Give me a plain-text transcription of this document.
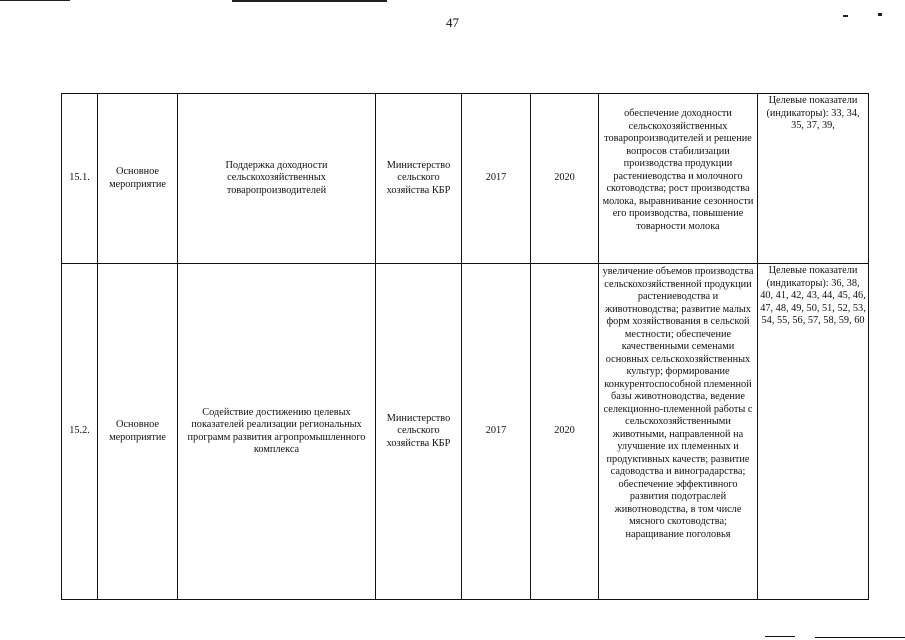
47
15.1.	Основное мероприятие	Поддержка доходности сельскохозяйственных товаропроизводителей	Министерство сельского хозяйства КБР	2017	2020	обеспечение доходности сельскохозяйственных товаропроизводителей и решение вопросов стабилизации производства продукции растениеводства и молочного скотоводства; рост производства молока, выравнивание сезонности его производства, повышение товарности молока	Целевые показатели (индикаторы): 33, 34, 35, 37, 39,
15.2.	Основное мероприятие	Содействие достижению целевых показателей реализации региональных программ развития агропромышленного комплекса	Министерство сельского хозяйства КБР	2017	2020	увеличение объемов производства сельскохозяйственной продукции растениеводства и животноводства; развитие малых форм хозяйствования в сельской местности; обеспечение качественными семенами основных сельскохозяйственных культур; формирование конкурентоспособной племенной базы животноводства, ведение селекционно-племенной работы с сельскохозяйственными животными, направленной на улучшение их племенных и продуктивных качеств; развитие садоводства и виноградарства; обеспечение эффективного развития подотраслей животноводства, в том числе мясного скотоводства; наращивание поголовья	Целевые показатели (индикаторы): 36, 38, 40, 41, 42, 43, 44, 45, 46, 47, 48, 49, 50, 51, 52, 53, 54, 55, 56, 57, 58, 59, 60
